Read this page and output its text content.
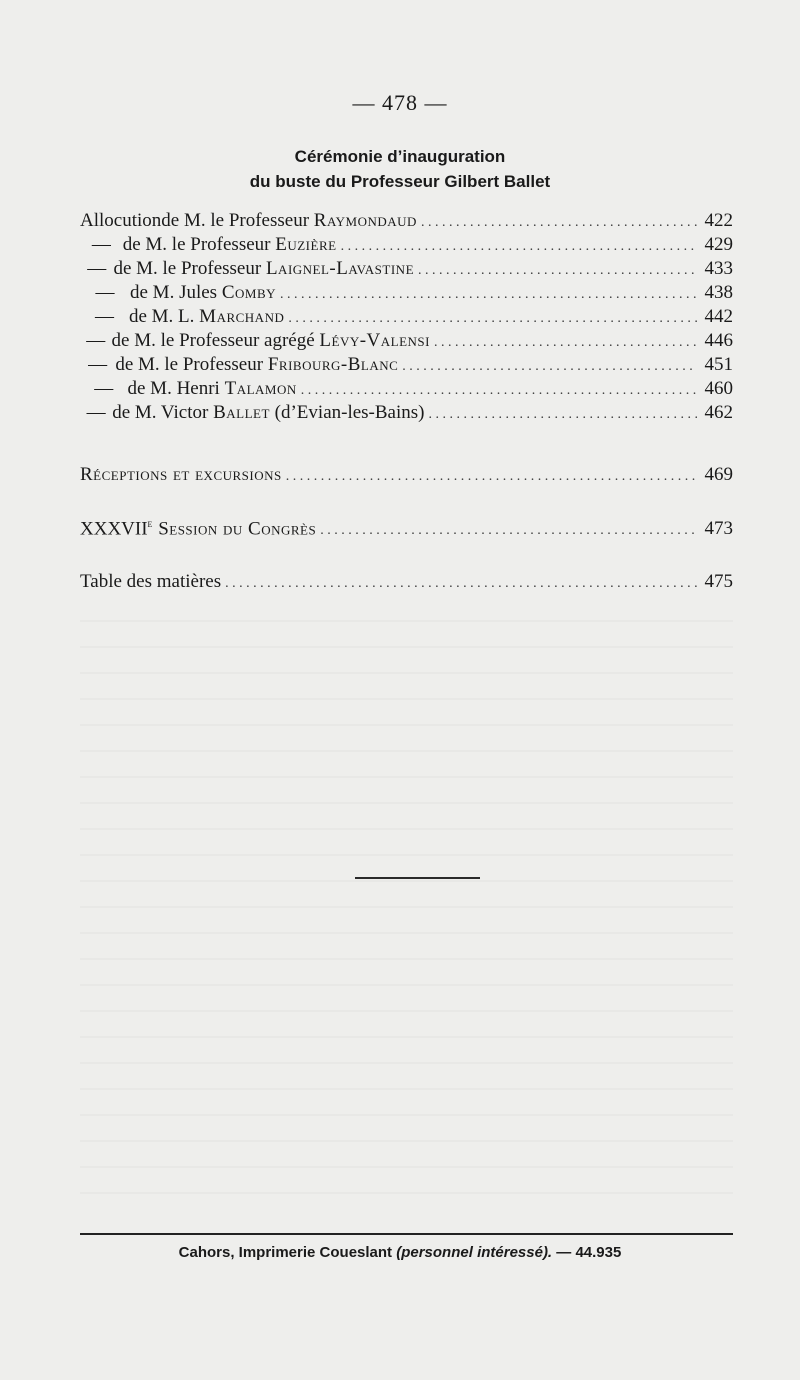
— 478 —
Cérémonie d’inauguration
du buste du Professeur Gilbert Ballet
Allocution de M. le Professeur Raymondaud . . .	422
— de M. le Professeur Euzière . . .	429
— de M. le Professeur Laignel-Lavastine . . .	433
— de M. Jules Comby . . .	438
— de M. L. Marchand . . .	442
— de M. le Professeur agrégé Lévy-Valensi . . .	446
— de M. le Professeur Fribourg-Blanc . . .	451
— de M. Henri Talamon . . .	460
— de M. Victor Ballet (d’Evian-les-Bains) . . .	462
Réceptions et excursions . . .	469
XXXVIIe Session du Congrès . . .	473
Table des matières . . .	475
Cahors, Imprimerie Coueslant (personnel intéressé). — 44.935
